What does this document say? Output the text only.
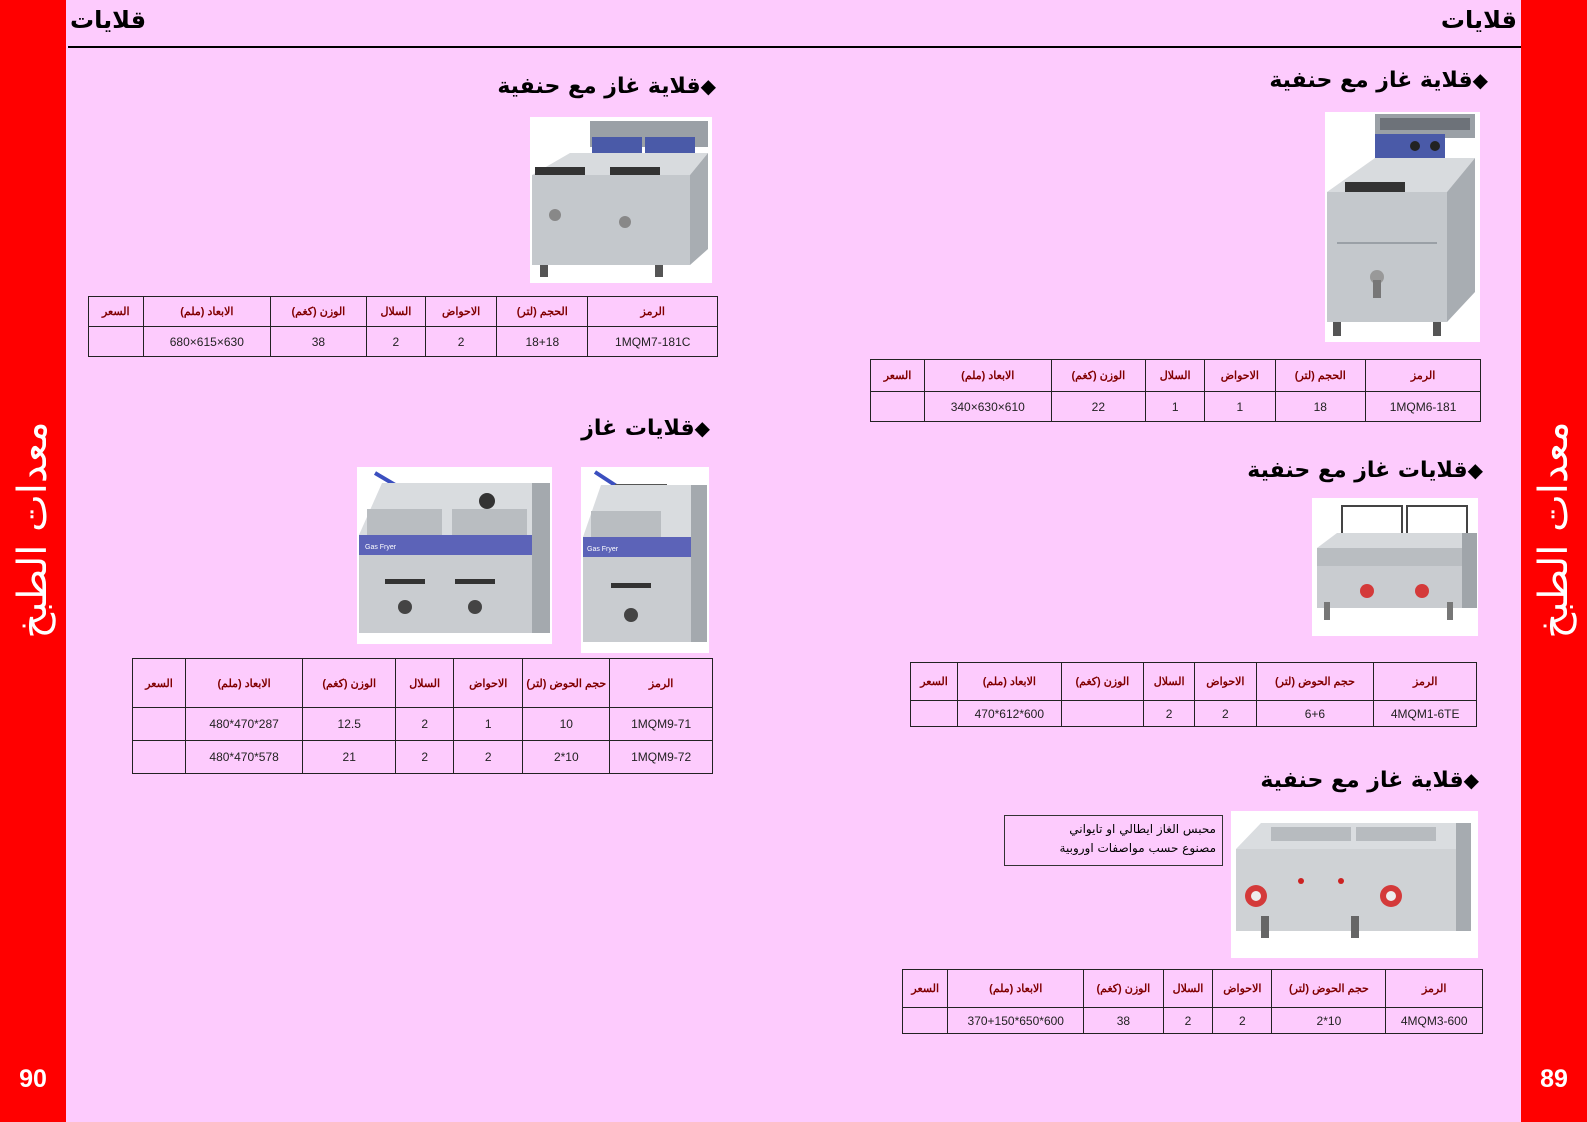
معدات الطبخ
90
معدات الطبخ
89
قلايات	قلايات
◆قلاية غاز مع حنفية
الرمز	الحجم (لتر)	الاحواض	السلال	الوزن (كغم)	الابعاد (ملم)	السعر
1MQM6-181	18	1	1	22	610×630×340	
◆قلايات غاز مع حنفية
الرمز	حجم الحوض (لتر)	الاحواض	السلال	الوزن (كغم)	الابعاد (ملم)	السعر
4MQM1-6TE	6+6	2	2		600*612*470	
◆قلاية غاز مع حنفية
محبس الغاز ايطالي او تايواني
مصنوع حسب مواصفات اوروبية
الرمز	حجم الحوض (لتر)	الاحواض	السلال	الوزن (كغم)	الابعاد (ملم)	السعر
4MQM3-600	10*2	2	2	38	600*650*370+150	
◆قلاية غاز مع حنفية
الرمز	الحجم (لتر)	الاحواض	السلال	الوزن (كغم)	الابعاد (ملم)	السعر
1MQM7-181C	18+18	2	2	38	630×615×680	
◆قلايات غاز
Gas Fryer	Gas Fryer
الرمز	حجم الحوض (لتر)	الاحواض	السلال	الوزن (كغم)	الابعاد (ملم)	السعر
1MQM9-71	10	1	2	12.5	287*470*480	
1MQM9-72	10*2	2	2	21	578*470*480	
